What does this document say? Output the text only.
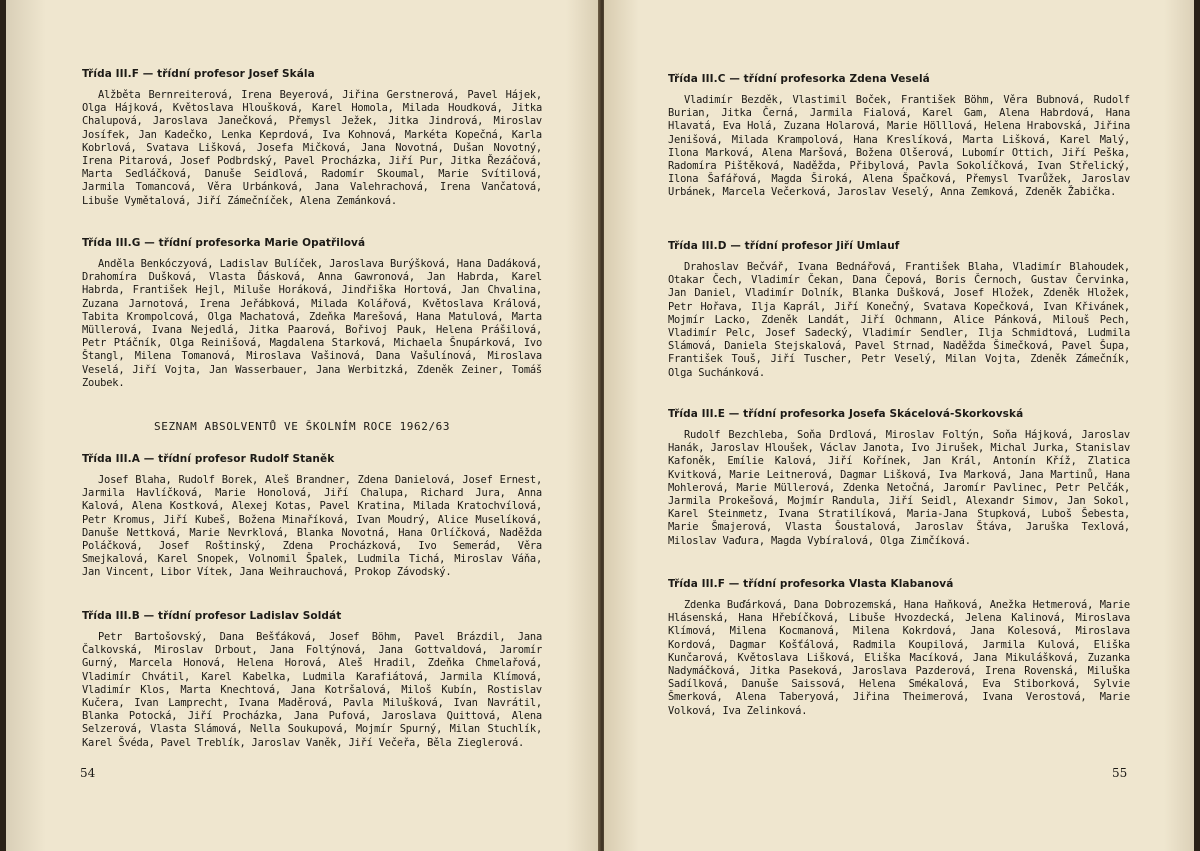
Třída III.F — třídní profesor Josef Skála

Alžběta Bernreiterová, Irena Beyerová, Jiřina Gerstnerová, Pavel Hájek, Olga Hájková, Květoslava Hloušková, Karel Homola, Milada Houdková, Jitka Chalupová, Jaroslava Janečková, Přemysl Ježek, Jitka Jindrová, Miroslav Josífek, Jan Kadečko, Lenka Keprdová, Iva Kohnová, Markéta Kopečná, Karla Kobrlová, Svatava Lišková, Josefa Mičková, Jana Novotná, Dušan Novotný, Irena Pitarová, Josef Podbrdský, Pavel Procházka, Jiří Pur, Jitka Řezáčová, Marta Sedláčková, Danuše Seidlová, Radomír Skoumal, Marie Svítilová, Jarmila Tomancová, Věra Urbánková, Jana Valehrachová, Irena Vančatová, Libuše Vymětalová, Jiří Zámečníček, Alena Zemánková.

Třída III.G — třídní profesorka Marie Opatřilová

Anděla Benkóczyová, Ladislav Bulíček, Jaroslava Burýšková, Hana Dadáková, Drahomíra Dušková, Vlasta Ďásková, Anna Gawronová, Jan Habrda, Karel Habrda, František Hejl, Miluše Horáková, Jindřiška Hortová, Jan Chvalina, Zuzana Jarnotová, Irena Jeřábková, Milada Kolářová, Květoslava Králová, Tabita Krompolcová, Olga Machatová, Zdeňka Marešová, Hana Matulová, Marta Müllerová, Ivana Nejedlá, Jitka Paarová, Bořivoj Pauk, Helena Prášilová, Petr Ptáčník, Olga Reinišová, Magdalena Starková, Michaela Šnupárková, Ivo Štangl, Milena Tomanová, Miroslava Vašinová, Dana Vašulínová, Miroslava Veselá, Jiří Vojta, Jan Wasserbauer, Jana Werbitzká, Zdeněk Zeiner, Tomáš Zoubek.

SEZNAM ABSOLVENTŮ VE ŠKOLNÍM ROCE 1962/63
Třída III.A — třídní profesor Rudolf Staněk

Josef Blaha, Rudolf Borek, Aleš Brandner, Zdena Danielová, Josef Ernest, Jarmila Havlíčková, Marie Honolová, Jiří Chalupa, Richard Jura, Anna Kalová, Alena Kostková, Alexej Kotas, Pavel Kratina, Milada Kratochvílová, Petr Kromus, Jiří Kubeš, Božena Minaříková, Ivan Moudrý, Alice Muselíková, Danuše Nettková, Marie Nevrklová, Blanka Novotná, Hana Orlíčková, Naděžda Poláčková, Josef Roštinský, Zdena Procházková, Ivo Semerád, Věra Smejkalová, Karel Snopek, Volnomil Špalek, Ludmila Tichá, Miroslav Váňa, Jan Vincent, Libor Vítek, Jana Weihrauchová, Prokop Závodský.

Třída III.B — třídní profesor Ladislav Soldát

Petr Bartošovský, Dana Bešťáková, Josef Böhm, Pavel Brázdil, Jana Čalkovská, Miroslav Drbout, Jana Foltýnová, Jana Gottvaldová, Jaromír Gurný, Marcela Honová, Helena Horová, Aleš Hradil, Zdeňka Chmelařová, Vladimír Chvátil, Karel Kabelka, Ludmila Karafiátová, Jarmila Klímová, Vladimír Klos, Marta Knechtová, Jana Kotršalová, Miloš Kubín, Rostislav Kučera, Ivan Lamprecht, Ivana Maděrová, Pavla Milušková, Ivan Navrátil, Blanka Potocká, Jiří Procházka, Jana Pufová, Jaroslava Quittová, Alena Selzerová, Vlasta Slámová, Nella Soukupová, Mojmír Spurný, Milan Stuchlík, Karel Švéda, Pavel Treblík, Jaroslav Vaněk, Jiří Večeřa, Běla Zieglerová.

54
Třída III.C — třídní profesorka Zdena Veselá

Vladimír Bezděk, Vlastimil Boček, František Böhm, Věra Bubnová, Rudolf Burian, Jitka Černá, Jarmila Fialová, Karel Gam, Alena Habrdová, Hana Hlavatá, Eva Holá, Zuzana Holarová, Marie Hölllová, Helena Hrabovská, Jiřina Jenišová, Milada Krampolová, Hana Kreslíková, Marta Lišková, Karel Malý, Ilona Marková, Alena Maršová, Božena Olšerová, Lubomír Ottich, Jiří Peška, Radomíra Pištěková, Naděžda, Přibylová, Pavla Sokolíčková, Ivan Střelický, Ilona Šafářová, Magda Široká, Alena Špačková, Přemysl Tvarůžek, Jaroslav Urbánek, Marcela Večerková, Jaroslav Veselý, Anna Zemková, Zdeněk Žabička.

Třída III.D — třídní profesor Jiří Umlauf

Drahoslav Bečvář, Ivana Bednářová, František Blaha, Vladimír Blahoudek, Otakar Čech, Vladimír Čekan, Dana Čepová, Boris Černoch, Gustav Červinka, Jan Daniel, Vladimír Dolník, Blanka Dušková, Josef Hložek, Zdeněk Hložek, Petr Hořava, Ilja Kaprál, Jiří Konečný, Svatava Kopečková, Ivan Křivánek, Mojmír Lacko, Zdeněk Landát, Jiří Ochmann, Alice Pánková, Milouš Pech, Vladimír Pelc, Josef Sadecký, Vladimír Sendler, Ilja Schmidtová, Ludmila Slámová, Daniela Stejskalová, Pavel Strnad, Naděžda Šimečková, Pavel Šupa, František Touš, Jiří Tuscher, Petr Veselý, Milan Vojta, Zdeněk Zámečník, Olga Suchánková.

Třída III.E — třídní profesorka Josefa Skácelová-Skorkovská

Rudolf Bezchleba, Soňa Drdlová, Miroslav Foltýn, Soňa Hájková, Jaroslav Hanák, Jaroslav Hloušek, Václav Janota, Ivo Jirušek, Michal Jurka, Stanislav Kafoněk, Emílie Kalová, Jiří Kořínek, Jan Král, Antonín Kříž, Zlatica Kvitková, Marie Leitnerová, Dagmar Lišková, Iva Marková, Jana Martinů, Hana Mohlerová, Marie Müllerová, Zdenka Netočná, Jaromír Pavlinec, Petr Pelčák, Jarmila Prokešová, Mojmír Randula, Jiří Seidl, Alexandr Simov, Jan Sokol, Karel Steinmetz, Ivana Stratilíková, Maria-Jana Stupková, Luboš Šebesta, Marie Šmajerová, Vlasta Šoustalová, Jaroslav Štáva, Jaruška Texlová, Miloslav Vaďura, Magda Vybíralová, Olga Zimčíková.

Třída III.F — třídní profesorka Vlasta Klabanová

Zdenka Buďárková, Dana Dobrozemská, Hana Haňková, Anežka Hetmerová, Marie Hlásenská, Hana Hřebíčková, Libuše Hvozdecká, Jelena Kalinová, Miroslava Klímová, Milena Kocmanová, Milena Kokrdová, Jana Kolesová, Miroslava Kordová, Dagmar Košťálová, Radmila Koupilová, Jarmila Kulová, Eliška Kunčarová, Květoslava Lišková, Eliška Macíková, Jana Mikulášková, Zuzanka Nadymáčková, Jitka Paseková, Jaroslava Pazderová, Irena Rovenská, Miluška Sadílková, Danuše Saissová, Helena Smékalová, Eva Stiborková, Sylvie Šmerková, Alena Taberyová, Jiřina Theimerová, Ivana Verostová, Marie Volková, Iva Zelinková.

55
